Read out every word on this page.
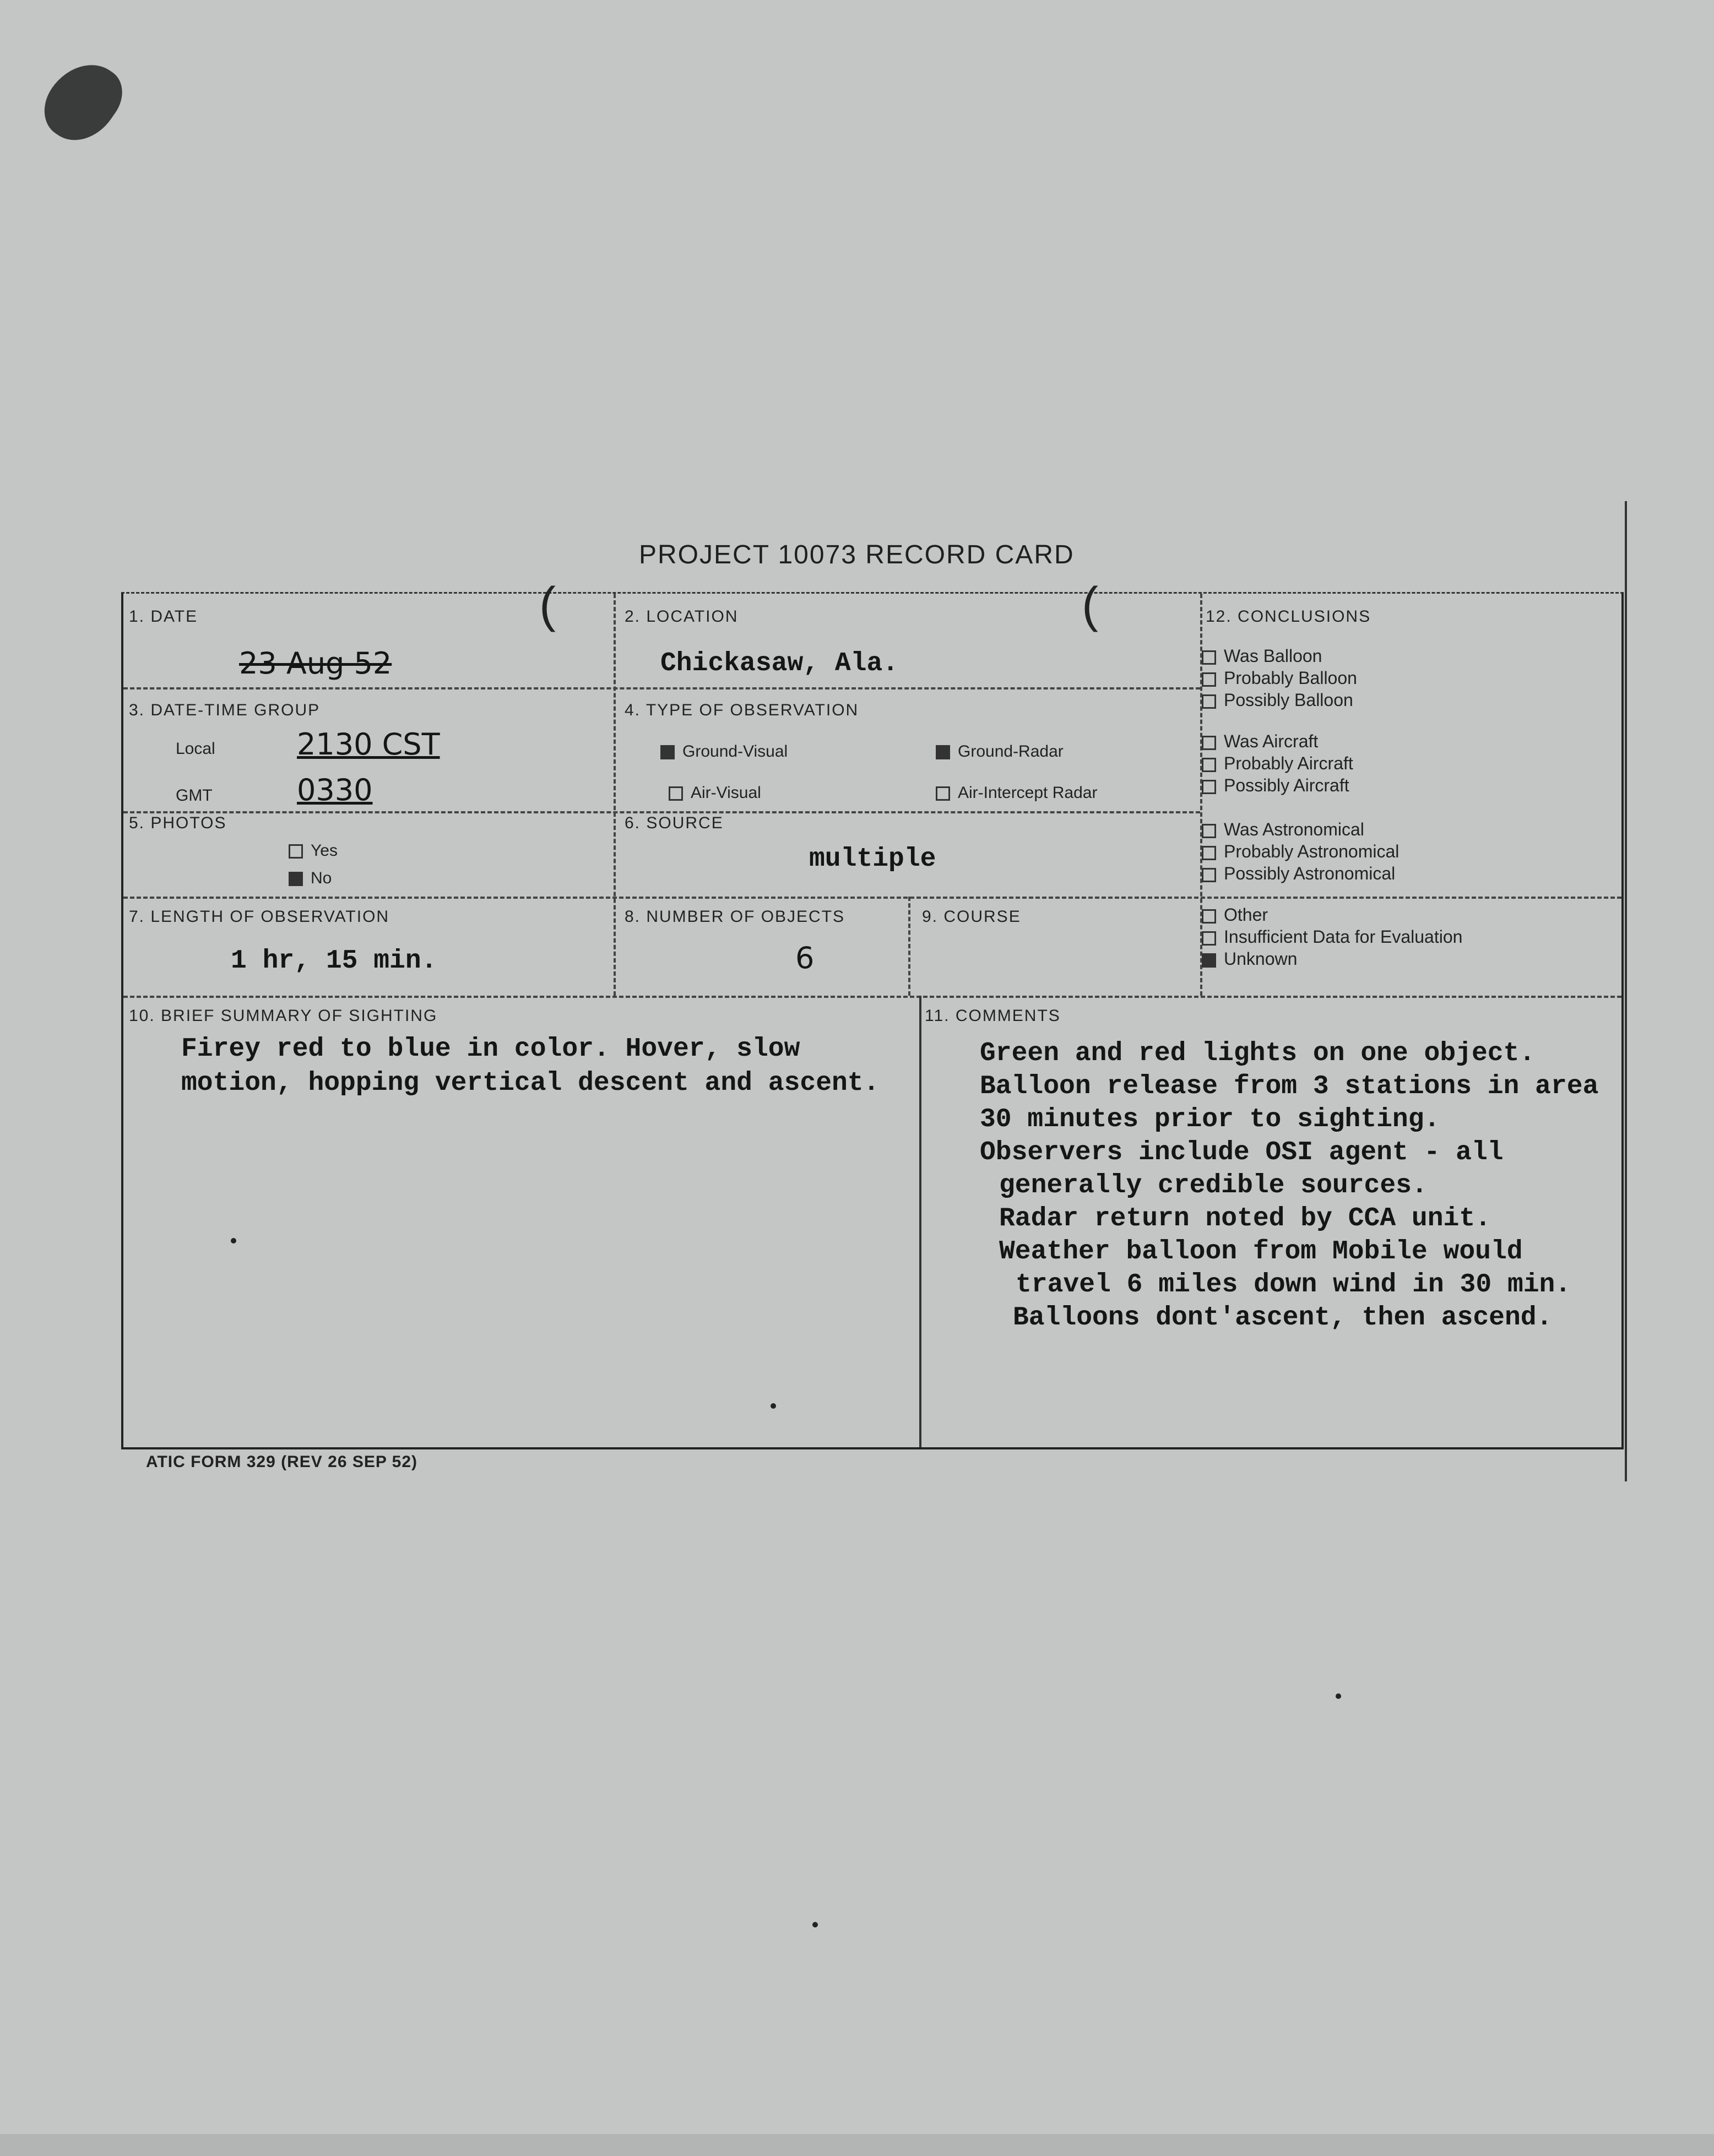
PROJECT 10073 RECORD CARD
(	(
1. DATE
23 Aug 52
2. LOCATION
Chickasaw, Ala.
3. DATE-TIME GROUP
Local	2130 CST
GMT	0330
4. TYPE OF OBSERVATION
Ground-Visual	Ground-Radar
Air-Visual	Air-Intercept Radar
5. PHOTOS
Yes
No
6. SOURCE
multiple
7. LENGTH OF OBSERVATION
1 hr, 15 min.
8. NUMBER OF OBJECTS
6
9. COURSE
10. BRIEF SUMMARY OF SIGHTING
Firey red to blue in color. Hover, slow
motion, hopping vertical descent and ascent.
11. COMMENTS
Green and red lights on one object.
Balloon release from 3 stations in area
30 minutes prior to sighting.
Observers include OSI agent - all
generally credible sources.
Radar return noted by CCA unit.
Weather balloon from Mobile would
travel 6 miles down wind in 30 min.
Balloons dont'ascent, then ascend.
12. CONCLUSIONS
Was Balloon
Probably Balloon
Possibly Balloon
Was Aircraft
Probably Aircraft
Possibly Aircraft
Was Astronomical
Probably Astronomical
Possibly Astronomical
Other
Insufficient Data for Evaluation
Unknown
ATIC FORM 329 (REV 26 SEP 52)
